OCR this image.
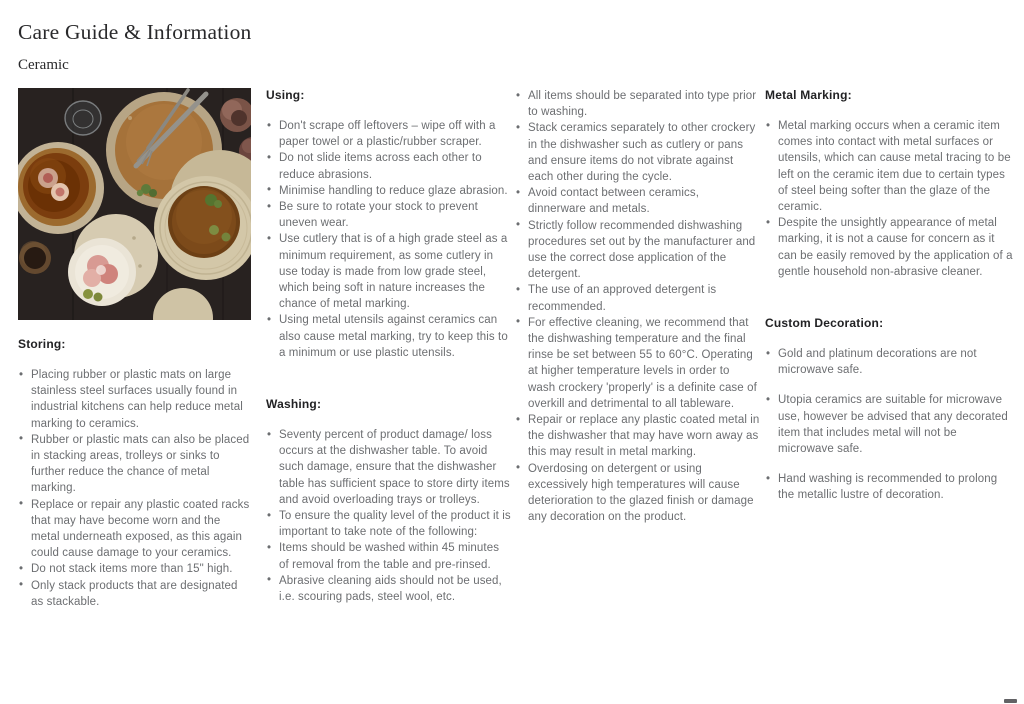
Care Guide & Information
Ceramic
Storing:
• Placing rubber or plastic mats on large stainless steel surfaces usually found in industrial kitchens can help reduce metal marking to ceramics.
• Rubber or plastic mats can also be placed in stacking areas, trolleys or sinks to further reduce the chance of metal marking.
• Replace or repair any plastic coated racks that may have become worn and the metal underneath exposed, as this again could cause damage to your ceramics.
• Do not stack items more than 15" high.
• Only stack products that are designated as stackable.
Using:
• Don't scrape off leftovers – wipe off with a paper towel or a plastic/rubber scraper.
• Do not slide items across each other to reduce abrasions.
• Minimise handling to reduce glaze abrasion.
• Be sure to rotate your stock to prevent uneven wear.
• Use cutlery that is of a high grade steel as a minimum requirement, as some cutlery in use today is made from low grade steel, which being soft in nature increases the chance of metal marking.
• Using metal utensils against ceramics can also cause metal marking, try to keep this to a minimum or use plastic utensils.
Washing:
• Seventy percent of product damage/ loss occurs at the dishwasher table. To avoid such damage, ensure that the dishwasher table has sufficient space to store dirty items and avoid overloading trays or trolleys.
• To ensure the quality level of the product it is important to take note of the following:
• Items should be washed within 45 minutes of removal from the table and pre-rinsed.
• Abrasive cleaning aids should not be used, i.e. scouring pads, steel wool, etc.
• All items should be separated into type prior to washing.
• Stack ceramics separately to other crockery in the dishwasher such as cutlery or pans and ensure items do not vibrate against each other during the cycle.
• Avoid contact between ceramics, dinnerware and metals.
• Strictly follow recommended dishwashing procedures set out by the manufacturer and use the correct dose application of the detergent.
• The use of an approved detergent is recommended.
• For effective cleaning, we recommend that the dishwashing temperature and the final rinse be set between 55 to 60°C. Operating at higher temperature levels in order to wash crockery 'properly' is a definite case of overkill and detrimental to all tableware.
• Repair or replace any plastic coated metal in the dishwasher that may have worn away as this may result in metal marking.
• Overdosing on detergent or using excessively high temperatures will cause deterioration to the glazed finish or damage any decoration on the product.
Metal Marking:
• Metal marking occurs when a ceramic item comes into contact with metal surfaces or utensils, which can cause metal tracing to be left on the ceramic item due to certain types of steel being softer than the glaze of the ceramic.
• Despite the unsightly appearance of metal marking, it is not a cause for concern as it can be easily removed by the application of a gentle household non-abrasive cleaner.
Custom Decoration:
• Gold and platinum decorations are not microwave safe.
• Utopia ceramics are suitable for microwave use, however be advised that any decorated item that includes metal will not be microwave safe.
• Hand washing is recommended to prolong the metallic lustre of decoration.
